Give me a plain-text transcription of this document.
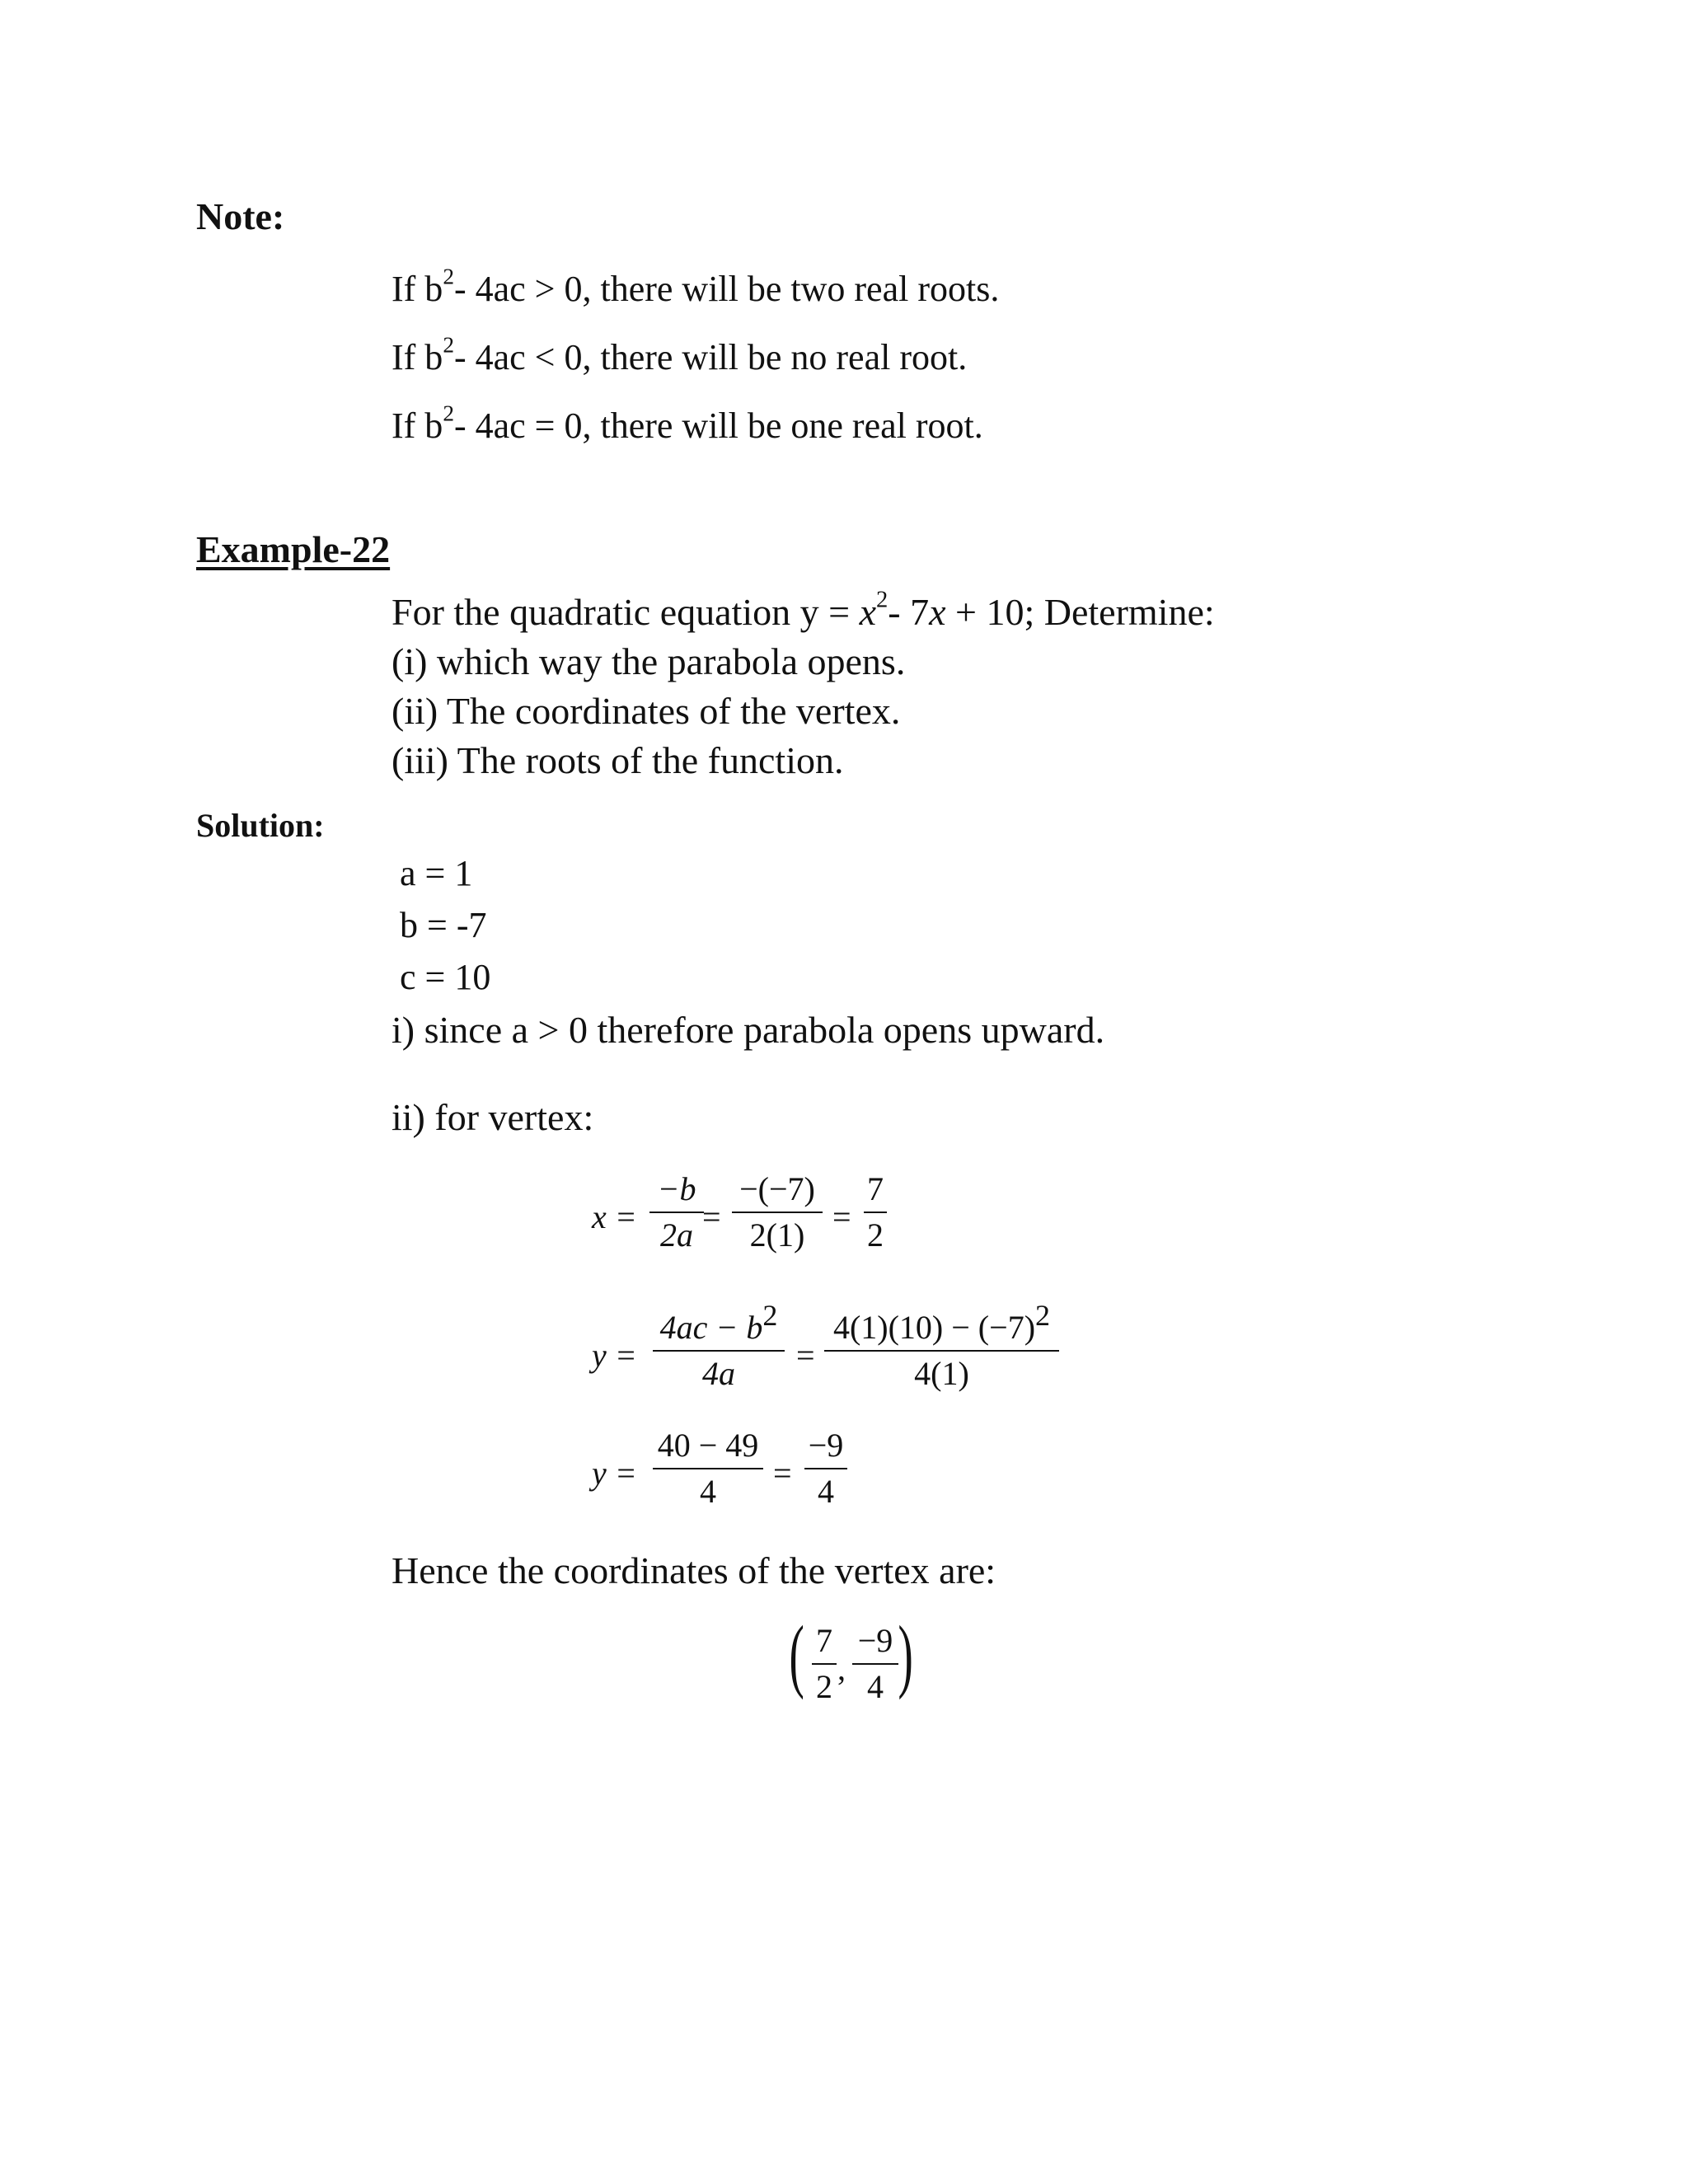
Note:
If $b^2-$ 4ac > 0, there will be two real roots.
If $b^2-$ 4ac < 0, there will be no real root.
If $b^2-$ 4ac = 0, there will be one real root.
Example-22
For the quadratic equation $y = x^2-$ 7x + 10; Determine:
(i) which way the parabola opens.
(ii) The coordinates of the vertex.
(iii) The roots of the function.
Solution:
a = 1
b = -7
c = 10
i) since a > 0 therefore parabola opens upward.
ii) for vertex:
x =
−b
2a =
−(−7)
2(1) =
7
2
y =
$4ac - b^2$
4a	=
$4(1)(10) - (-7)^2$
4(1)
y =
40 − 49
4	=
−9
4
Hence the coordinates of the vertex are:
( 7
2 ,
−9
4 )
